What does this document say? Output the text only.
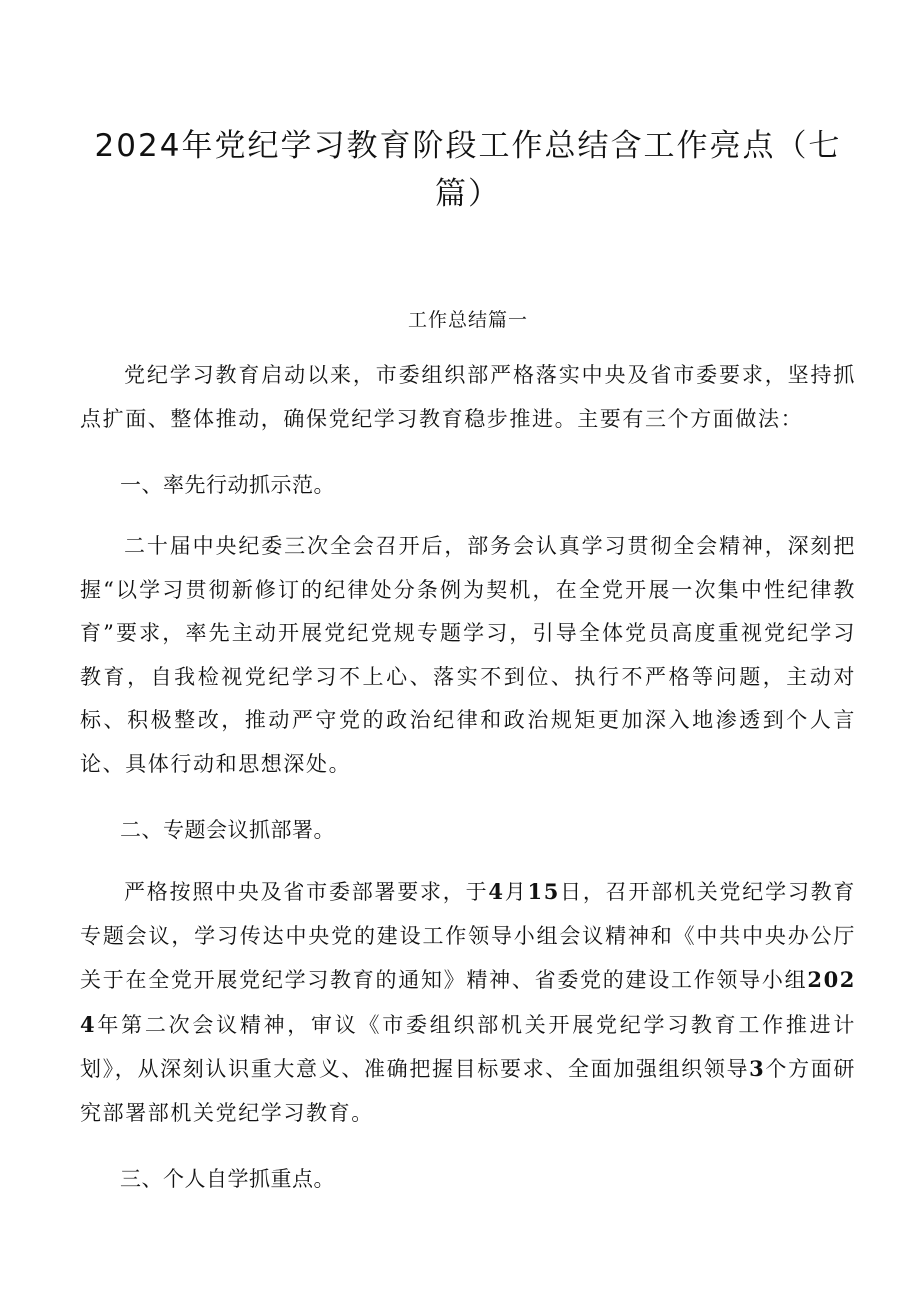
2024年党纪学习教育阶段工作总结含工作亮点（七篇）
工作总结篇一

党纪学习教育启动以来，市委组织部严格落实中央及省市委要求，坚持抓点扩面、整体推动，确保党纪学习教育稳步推进。主要有三个方面做法：

一、率先行动抓示范。

二十届中央纪委三次全会召开后，部务会认真学习贯彻全会精神，深刻把握“以学习贯彻新修订的纪律处分条例为契机，在全党开展一次集中性纪律教育”要求，率先主动开展党纪党规专题学习，引导全体党员高度重视党纪学习教育，自我检视党纪学习不上心、落实不到位、执行不严格等问题，主动对标、积极整改，推动严守党的政治纪律和政治规矩更加深入地渗透到个人言论、具体行动和思想深处。

二、专题会议抓部署。

严格按照中央及省市委部署要求，于4月15日，召开部机关党纪学习教育专题会议，学习传达中央党的建设工作领导小组会议精神和《中共中央办公厅关于在全党开展党纪学习教育的通知》精神、省委党的建设工作领导小组2024年第二次会议精神，审议《市委组织部机关开展党纪学习教育工作推进计划》，从深刻认识重大意义、准确把握目标要求、全面加强组织领导3个方面研究部署部机关党纪学习教育。

三、个人自学抓重点。
